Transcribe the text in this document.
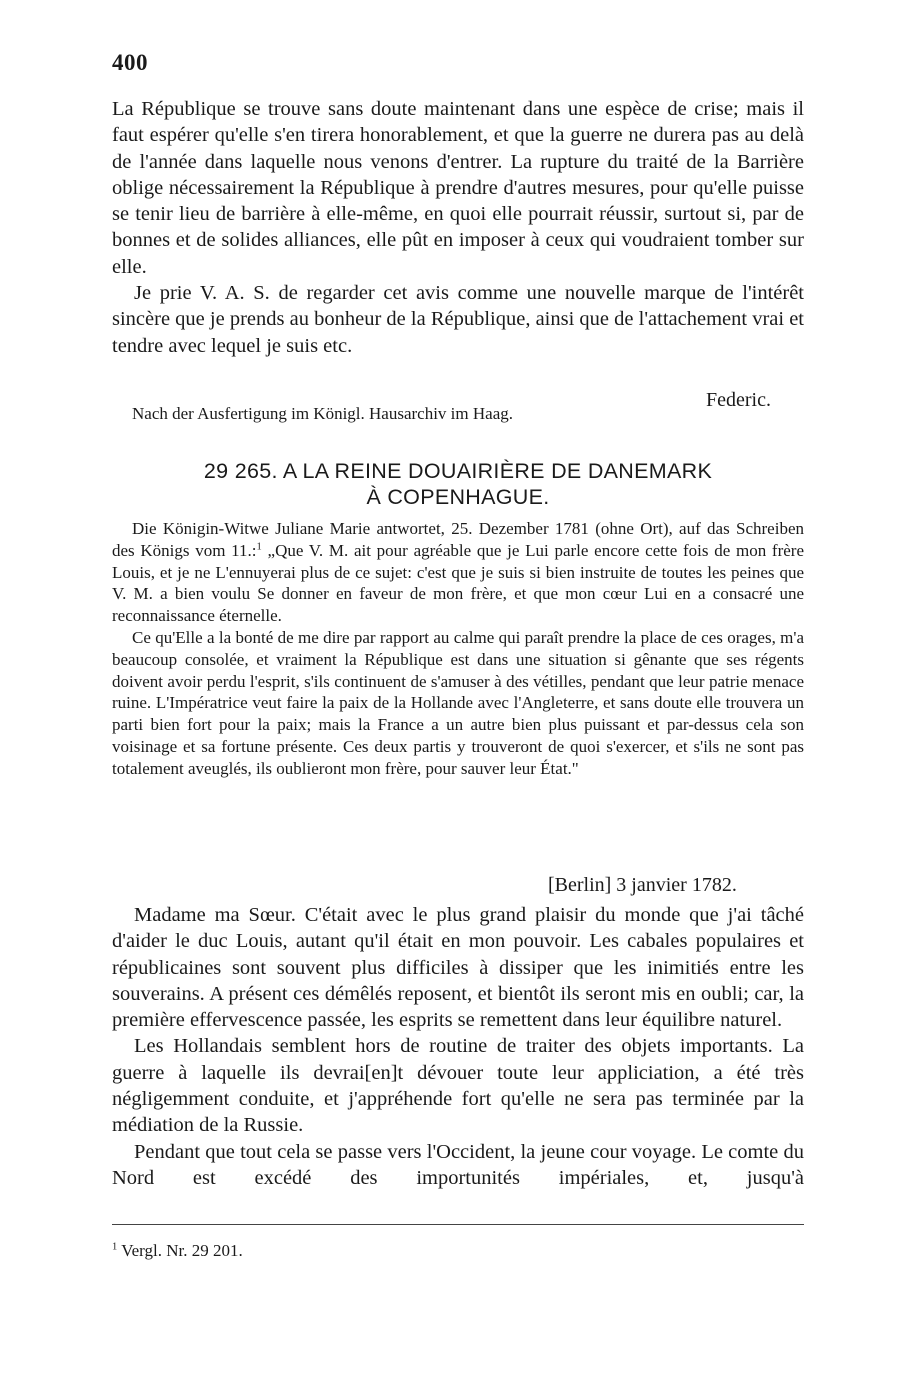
400

La République se trouve sans doute maintenant dans une espèce de crise; mais il faut espérer qu'elle s'en tirera honorablement, et que la guerre ne durera pas au delà de l'année dans laquelle nous venons d'entrer. La rupture du traité de la Barrière oblige nécessairement la République à prendre d'autres mesures, pour qu'elle puisse se tenir lieu de barrière à elle-même, en quoi elle pourrait réussir, surtout si, par de bonnes et de solides alliances, elle pût en imposer à ceux qui voudraient tomber sur elle.

Je prie V. A. S. de regarder cet avis comme une nouvelle marque de l'intérêt sincère que je prends au bonheur de la République, ainsi que de l'attachement vrai et tendre avec lequel je suis etc.

Federic.
Nach der Ausfertigung im Königl. Hausarchiv im Haag.
29 265. A LA REINE DOUAIRIÈRE DE DANEMARK
À COPENHAGUE.

Die Königin-Witwe Juliane Marie antwortet, 25. Dezember 1781 (ohne Ort), auf das Schreiben des Königs vom 11.:$^1$ „Que V. M. ait pour agréable que je Lui parle encore cette fois de mon frère Louis, et je ne L'ennuyerai plus de ce sujet: c'est que je suis si bien instruite de toutes les peines que V. M. a bien voulu Se donner en faveur de mon frère, et que mon cœur Lui en a consacré une reconnaissance éternelle.

Ce qu'Elle a la bonté de me dire par rapport au calme qui paraît prendre la place de ces orages, m'a beaucoup consolée, et vraiment la République est dans une situation si gênante que ses régents doivent avoir perdu l'esprit, s'ils continuent de s'amuser à des vétilles, pendant que leur patrie menace ruine. L'Impératrice veut faire la paix de la Hollande avec l'Angleterre, et sans doute elle trouvera un parti bien fort pour la paix; mais la France a un autre bien plus puissant et par-dessus cela son voisinage et sa fortune présente. Ces deux partis y trouveront de quoi s'exercer, et s'ils ne sont pas totalement aveuglés, ils oublieront mon frère, pour sauver leur État."

[Berlin] 3 janvier 1782.

Madame ma Sœur. C'était avec le plus grand plaisir du monde que j'ai tâché d'aider le duc Louis, autant qu'il était en mon pouvoir. Les cabales populaires et républicaines sont souvent plus difficiles à dissiper que les inimitiés entre les souverains. A présent ces démêlés reposent, et bientôt ils seront mis en oubli; car, la première effervescence passée, les esprits se remettent dans leur équilibre naturel.

Les Hollandais semblent hors de routine de traiter des objets importants. La guerre à laquelle ils devrai[en]t dévouer toute leur appliciation, a été très négligemment conduite, et j'appréhende fort qu'elle ne sera pas terminée par la médiation de la Russie.

Pendant que tout cela se passe vers l'Occident, la jeune cour voyage. Le comte du Nord est excédé des importunités impériales, et, jusqu'à

$^1$ Vergl. Nr. 29 201.
